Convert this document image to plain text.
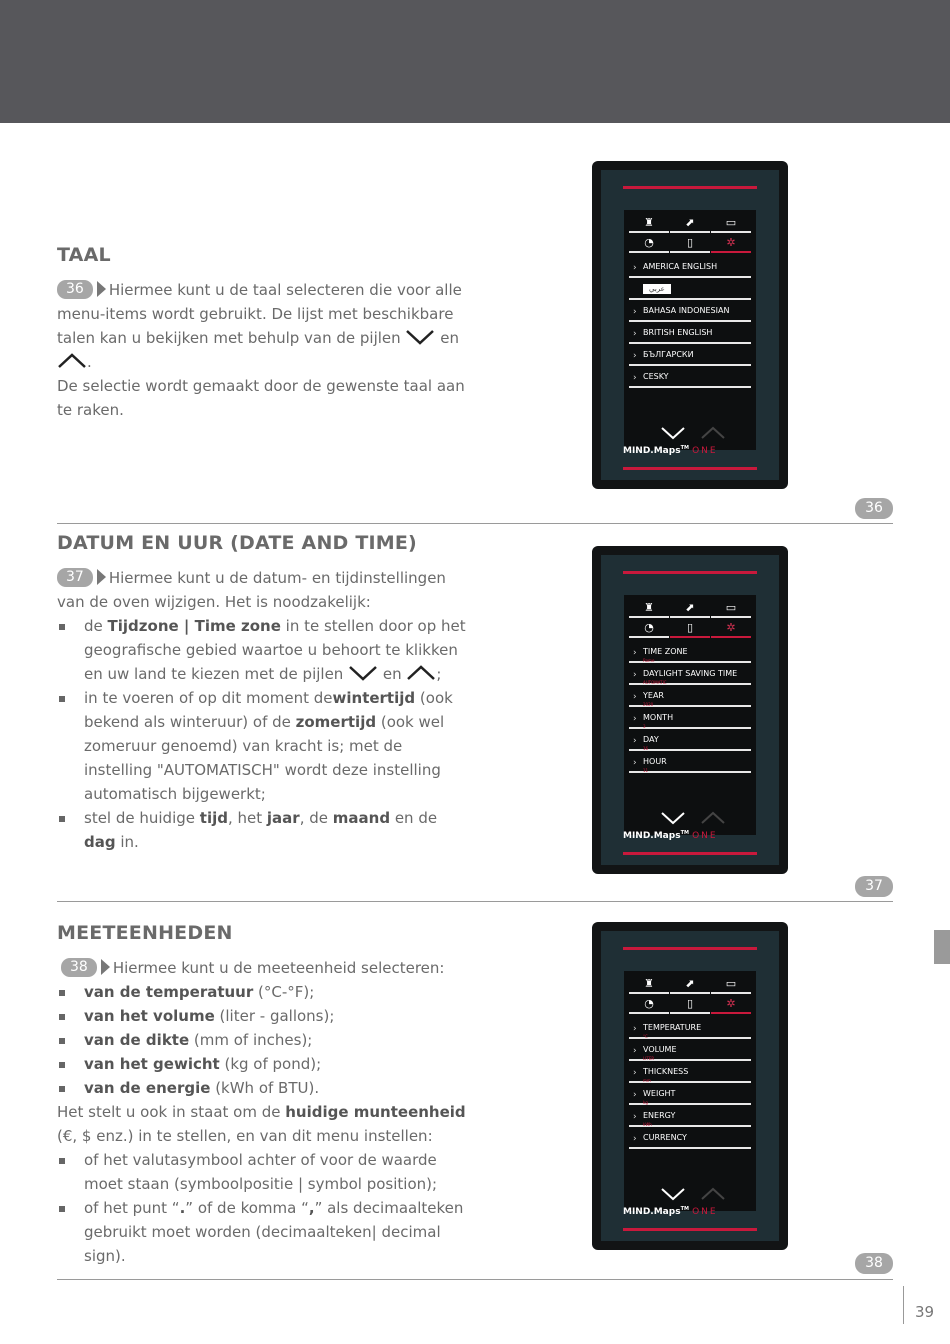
TAAL
36 Hiermee kunt u de taal selecteren die voor alle menu-items wordt gebruikt. De lijst met beschikbare talen kan u bekijken met behulp van de pijlen	en .
De selectie wordt gemaakt door de gewenste taal aan te raken.
♜	⬈	▭
◔	▯	✲
› AMERICA ENGLISH
عربي
› BAHASA INDONESIAN
› BRITISH ENGLISH
› БЪЛГАРСКИ
› CESKY
MIND.Maps™ ONE
36
DATUM EN UUR (DATE AND TIME)
37 Hiermee kunt u de datum- en tijdinstellingen van de oven wijzigen. Het is noodzakelijk:
de Tijdzone | Time zone in te stellen door op het geografische gebied waartoe u behoort te klikken en uw land te kiezen met de pijlen	en ;
in te voeren of op dit moment dewintertijd (ook bekend als winteruur) of de zomertijd (ook wel zomeruur genoemd) van kracht is; met de instelling "AUTOMATISCH" wordt deze instelling automatisch bijgewerkt;
stel de huidige tijd, het jaar, de maand en de dag in.
♜	⬈	▭
◔	▯	✲
› TIME ZONE
Rome
› DAYLIGHT SAVING TIME
AUTOMATIC
› YEAR
2020
› MONTH
3
› DAY
16
› HOUR
11
MIND.Maps™ ONE
37
MEETEENHEDEN
38 Hiermee kunt u de meeteenheid selecteren:
van de temperatuur (°C-°F);
van het volume (liter - gallons);
van de dikte (mm of inches);
van het gewicht (kg of pond);
van de energie (kWh of BTU).
Het stelt u ook in staat om de huidige munteenheid (€, $ enz.) in te stellen, en van dit menu instellen:
of het valutasymbool achter of voor de waarde moet staan (symboolpositie | symbol position);
of het punt “.” of de komma “,” als decimaalteken gebruikt moet worden (decimaalteken| decimal sign).
♜	⬈	▭
◔	▯	✲
› TEMPERATURE
°C
› VOLUME
LITER
› THICKNESS
mm
› WEIGHT
kg
› ENERGY
kWh
› CURRENCY
MIND.Maps™ ONE
38
39
